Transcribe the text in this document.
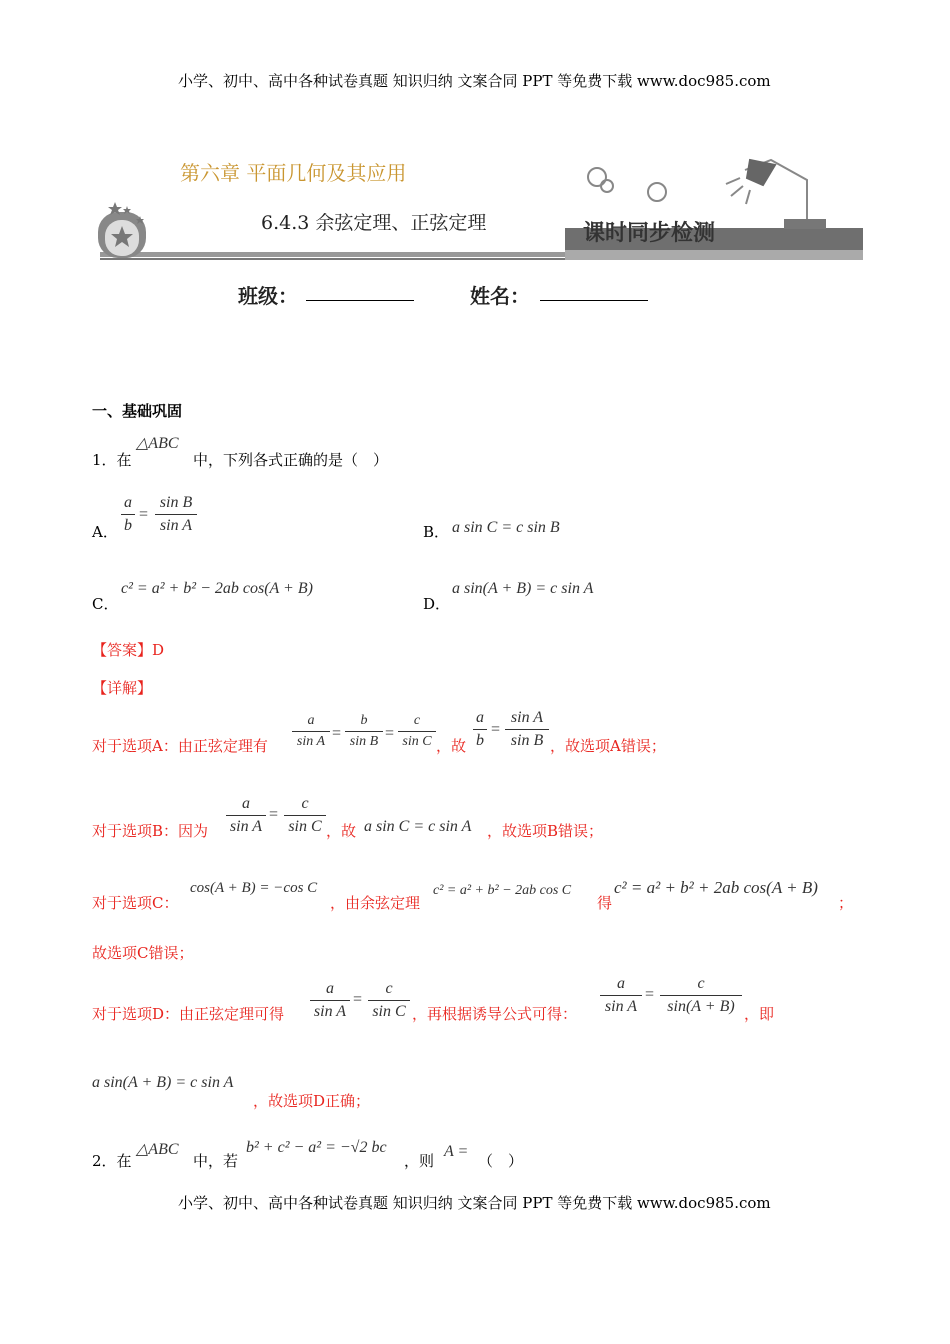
小学、初中、高中各种试卷真题 知识归纳 文案合同 PPT 等免费下载 www.doc985.com
小学、初中、高中各种试卷真题 知识归纳 文案合同 PPT 等免费下载 www.doc985.com
第六章 平面几何及其应用
6.4.3 余弦定理、正弦定理	课时同步检测
班级：	姓名：
一、基础巩固
1．在
△ABC
中，下列各式正确的是（　）
A．
a
b
=
sin B
sin A	B． a sin C = c sin B
C．
c² = a² + b² − 2ab cos(A + B)
D．
a sin(A + B) = c sin A
【答案】D
【详解】
对于选项A：由正弦定理有
a
sin A =
b
sin B =
c
sin C ，故
a
b
=
sin A
sin B ，故选项A错误；
对于选项B：因为
a
sin A
=
c
sin C ，故 a sin C = c sin A ，故选项B错误；
对于选项C：
cos(A + B) = −cos C
，由余弦定理
c² = a² + b² − 2ab cos C
得
c² = a² + b² + 2ab cos(A + B)
；
故选项C错误；
对于选项D：由正弦定理可得
a
sin A
=
c
sin C ，再根据诱导公式可得：
a
sin A
=
c
sin(A + B) ，即
a sin(A + B) = c sin A
，故选项D正确；
2．在
△ABC
中，若
b² + c² − a² = −√2 bc
，则
A =
（　）
